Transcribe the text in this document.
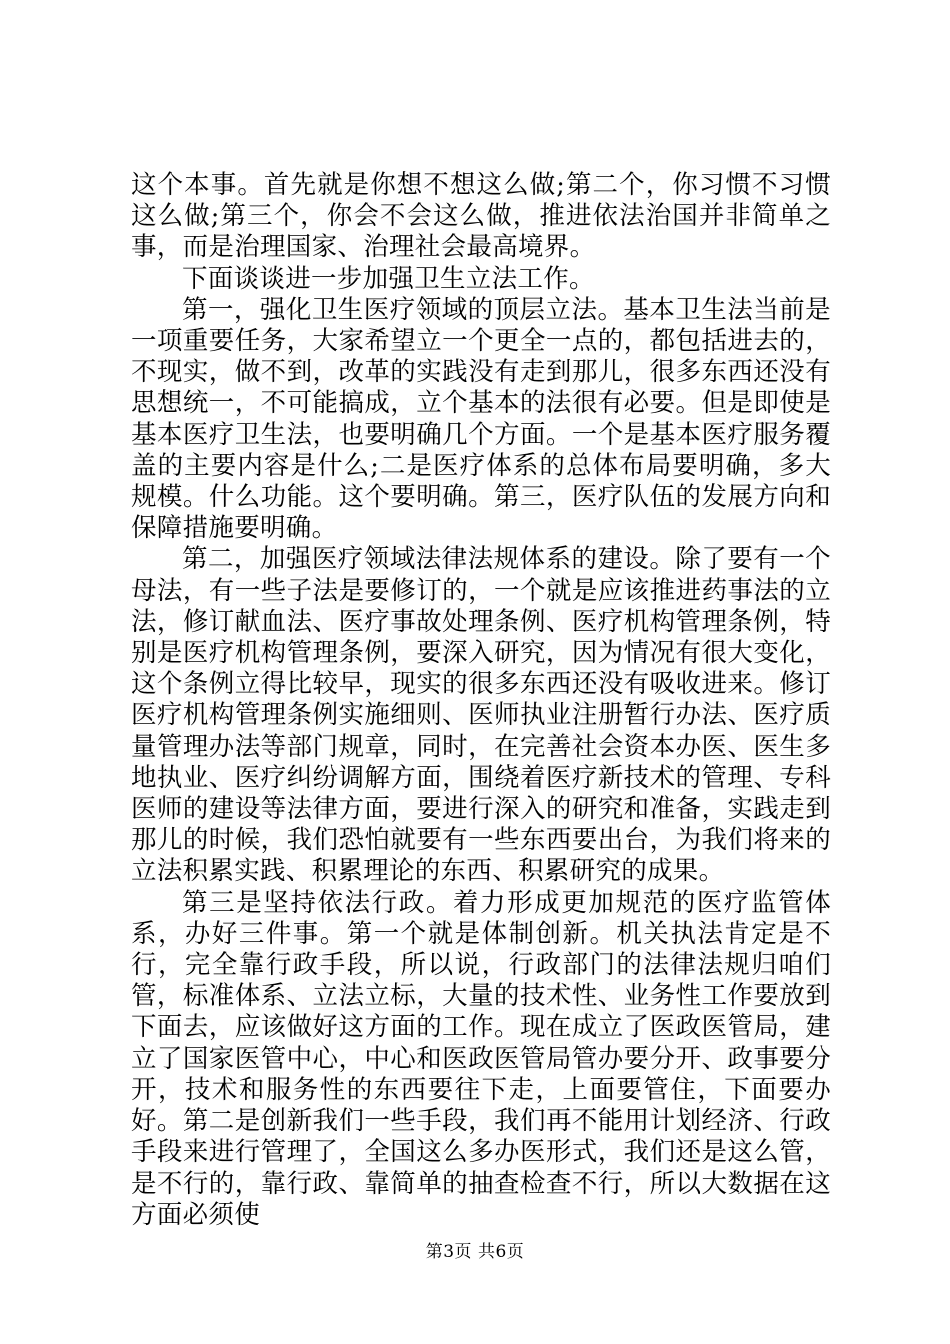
这个本事。首先就是你想不想这么做;第二个，你习惯不习惯这么做;第三个，你会不会这么做，推进依法治国并非简单之事，而是治理国家、治理社会最高境界。

下面谈谈进一步加强卫生立法工作。

第一，强化卫生医疗领域的顶层立法。基本卫生法当前是一项重要任务，大家希望立一个更全一点的，都包括进去的，不现实，做不到，改革的实践没有走到那儿，很多东西还没有思想统一，不可能搞成，立个基本的法很有必要。但是即使是基本医疗卫生法，也要明确几个方面。一个是基本医疗服务覆盖的主要内容是什么;二是医疗体系的总体布局要明确，多大规模。什么功能。这个要明确。第三，医疗队伍的发展方向和保障措施要明确。

第二，加强医疗领域法律法规体系的建设。除了要有一个母法，有一些子法是要修订的，一个就是应该推进药事法的立法，修订献血法、医疗事故处理条例、医疗机构管理条例，特别是医疗机构管理条例，要深入研究，因为情况有很大变化，这个条例立得比较早，现实的很多东西还没有吸收进来。修订医疗机构管理条例实施细则、医师执业注册暂行办法、医疗质量管理办法等部门规章，同时，在完善社会资本办医、医生多地执业、医疗纠纷调解方面，围绕着医疗新技术的管理、专科医师的建设等法律方面，要进行深入的研究和准备，实践走到那儿的时候，我们恐怕就要有一些东西要出台，为我们将来的立法积累实践、积累理论的东西、积累研究的成果。

第三是坚持依法行政。着力形成更加规范的医疗监管体系，办好三件事。第一个就是体制创新。机关执法肯定是不行，完全靠行政手段，所以说，行政部门的法律法规归咱们管，标准体系、立法立标，大量的技术性、业务性工作要放到下面去，应该做好这方面的工作。现在成立了医政医管局，建立了国家医管中心，中心和医政医管局管办要分开、政事要分开，技术和服务性的东西要往下走，上面要管住，下面要办好。第二是创新我们一些手段，我们再不能用计划经济、行政手段来进行管理了，全国这么多办医形式，我们还是这么管，是不行的，靠行政、靠简单的抽查检查不行，所以大数据在这方面必须使

第3页 共6页
